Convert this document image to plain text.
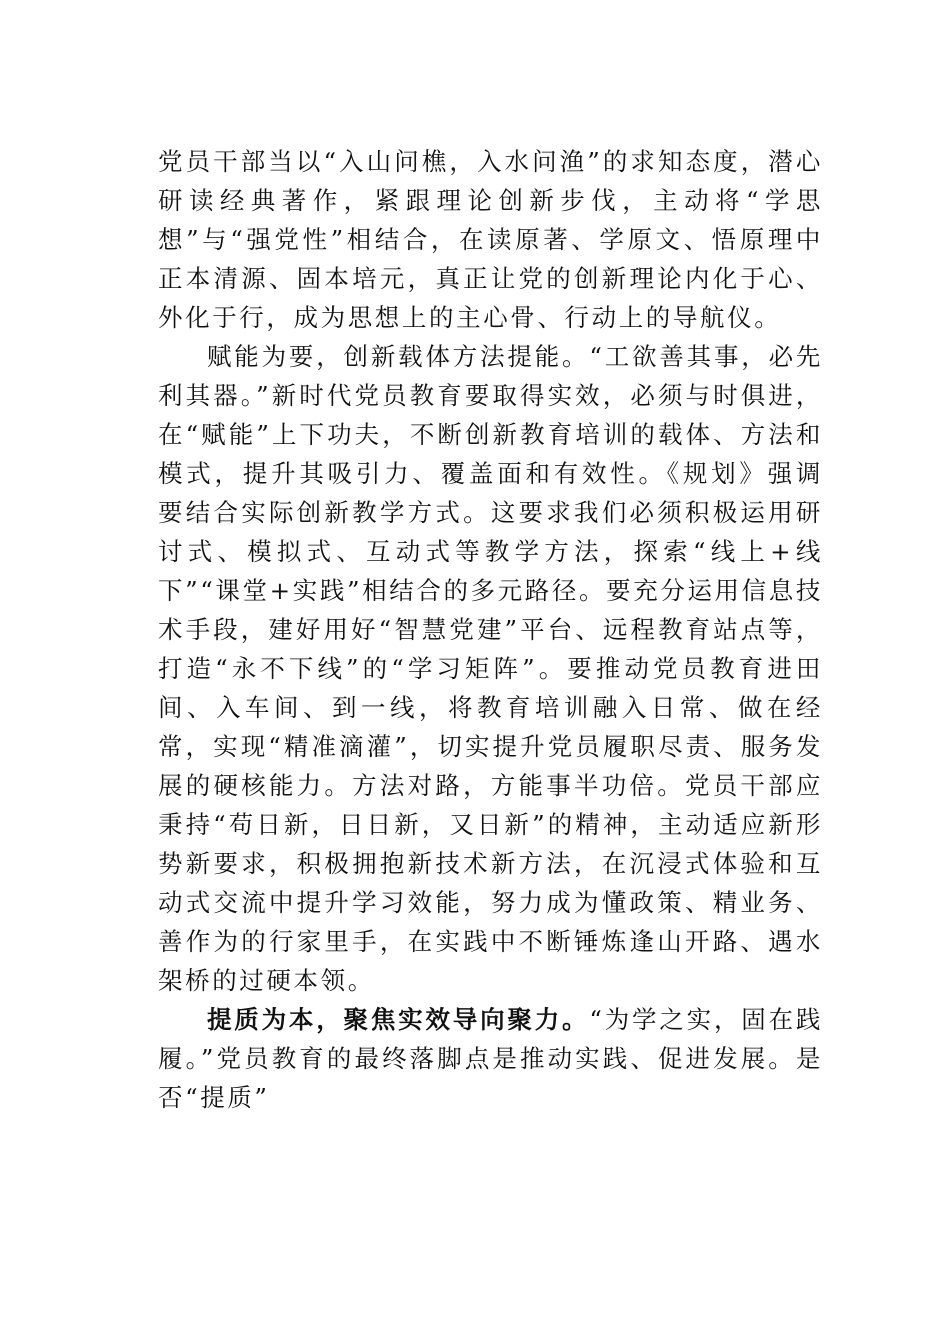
党员干部当以“入山问樵，入水问渔”的求知态度，潜心研读经典著作，紧跟理论创新步伐，主动将“学思想”与“强党性”相结合，在读原著、学原文、悟原理中正本清源、固本培元，真正让党的创新理论内化于心、外化于行，成为思想上的主心骨、行动上的导航仪。

赋能为要，创新载体方法提能。“工欲善其事，必先利其器。”新时代党员教育要取得实效，必须与时俱进，在“赋能”上下功夫，不断创新教育培训的载体、方法和模式，提升其吸引力、覆盖面和有效性。《规划》强调要结合实际创新教学方式。这要求我们必须积极运用研讨式、模拟式、互动式等教学方法，探索“线上+线下”“课堂+实践”相结合的多元路径。要充分运用信息技术手段，建好用好“智慧党建”平台、远程教育站点等，打造“永不下线”的“学习矩阵”。要推动党员教育进田间、入车间、到一线，将教育培训融入日常、做在经常，实现“精准滴灌”，切实提升党员履职尽责、服务发展的硬核能力。方法对路，方能事半功倍。党员干部应秉持“苟日新，日日新，又日新”的精神，主动适应新形势新要求，积极拥抱新技术新方法，在沉浸式体验和互动式交流中提升学习效能，努力成为懂政策、精业务、善作为的行家里手，在实践中不断锤炼逢山开路、遇水架桥的过硬本领。

提质为本，聚焦实效导向聚力。“为学之实，固在践履。”党员教育的最终落脚点是推动实践、促进发展。是否“提质”
